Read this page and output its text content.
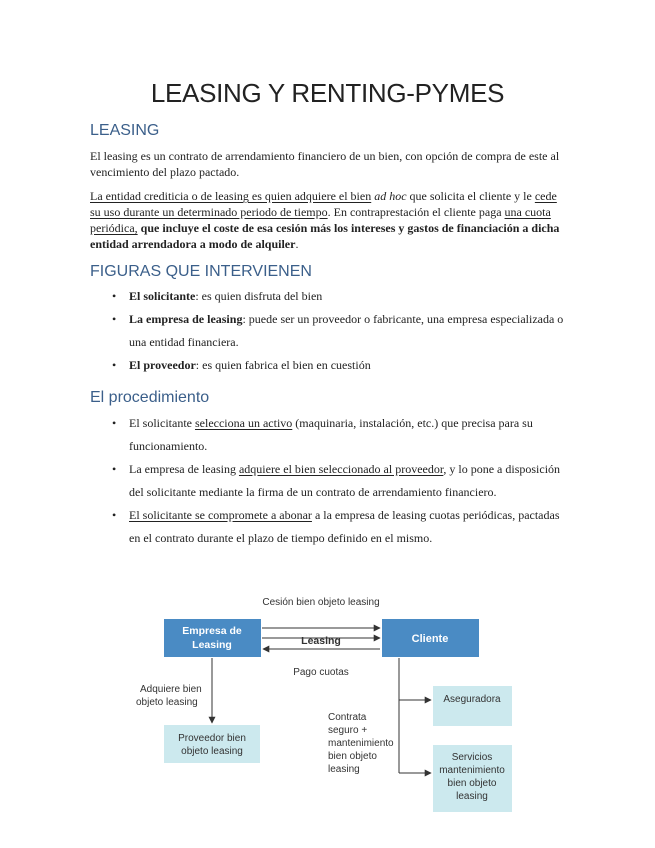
LEASING Y RENTING-PYMES
LEASING

El leasing es un contrato de arrendamiento financiero de un bien, con opción de compra de este al vencimiento del plazo pactado.

La entidad crediticia o de leasing es quien adquiere el bien ad hoc que solicita el cliente y le cede su uso durante un determinado periodo de tiempo. En contraprestación el cliente paga una cuota periódica, que incluye el coste de esa cesión más los intereses y gastos de financiación a dicha entidad arrendadora a modo de alquiler.

FIGURAS QUE INTERVIENEN
• El solicitante: es quien disfruta del bien
• La empresa de leasing: puede ser un proveedor o fabricante, una empresa especializada o una entidad financiera.
• El proveedor: es quien fabrica el bien en cuestión
El procedimiento
• El solicitante selecciona un activo (maquinaria, instalación, etc.) que precisa para su funcionamiento.
• La empresa de leasing adquiere el bien seleccionado al proveedor, y lo pone a disposición del solicitante mediante la firma de un contrato de arrendamiento financiero.
• El solicitante se compromete a abonar a la empresa de leasing cuotas periódicas, pactadas en el contrato durante el plazo de tiempo definido en el mismo.
Empresa de
Leasing	Cliente
Proveedor bien
objeto leasing
Aseguradora
Servicios
mantenimiento
bien objeto
leasing
Cesión bien objeto leasing
Leasing
Pago cuotas
Adquiere bien
objeto leasing
Contrata
seguro +
mantenimiento
bien objeto
leasing
